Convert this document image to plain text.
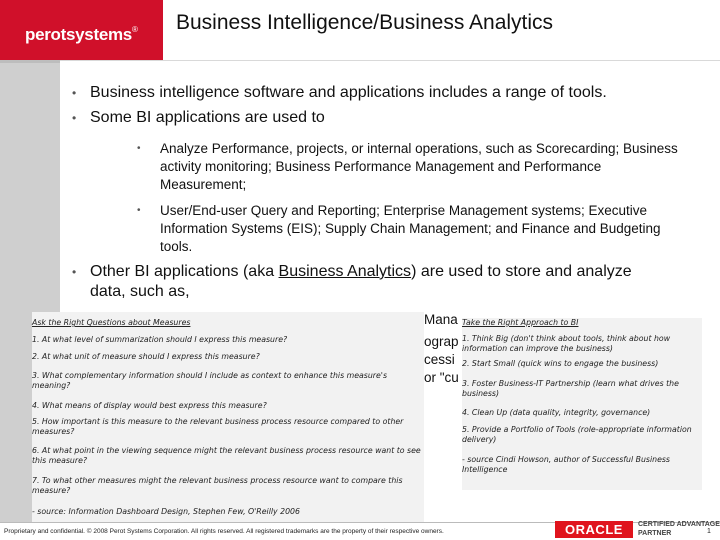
perotsystems® Business Intelligence/Business Analytics
• Business intelligence software and applications includes a range of tools.
• Some BI applications are used to
• Analyze Performance, projects, or internal operations, such as Scorecarding; Business activity monitoring; Business Performance Management and Performance Measurement;
• User/End-user Query and Reporting; Enterprise Management systems; Executive Information Systems (EIS); Supply Chain Management; and Finance and Budgeting tools.
• Other BI applications (aka Business Analytics) are used to store and analyze data, such as,
Mana
ograp
cessi
or "cu
Ask the Right Questions about Measures
1. At what level of summarization should I express this measure?
2. At what unit of measure should I express this measure?
3. What complementary information should I include as context to enhance this measure's meaning?
4. What means of display would best express this measure?
5. How important is this measure to the relevant business process resource compared to other measures?
6. At what point in the viewing sequence might the relevant business process resource want to see this measure?
7. To what other measures might the relevant business process resource want to compare this measure?
- source: Information Dashboard Design, Stephen Few, O'Reilly 2006
Take the Right Approach to BI
1. Think Big (don't think about tools, think about how information can improve the business)
2. Start Small (quick wins to engage the business)
3. Foster Business-IT Partnership (learn what drives the business)
4. Clean Up (data quality, integrity, governance)
5. Provide a Portfolio of Tools (role-appropriate information delivery)
- source Cindi Howson, author of Successful Business Intelligence
Proprietary and confidential. © 2008 Perot Systems Corporation. All rights reserved. All registered trademarks are the property of their respective owners.	ORACLE	CERTIFIED ADVANTAGE
PARTNER	1
